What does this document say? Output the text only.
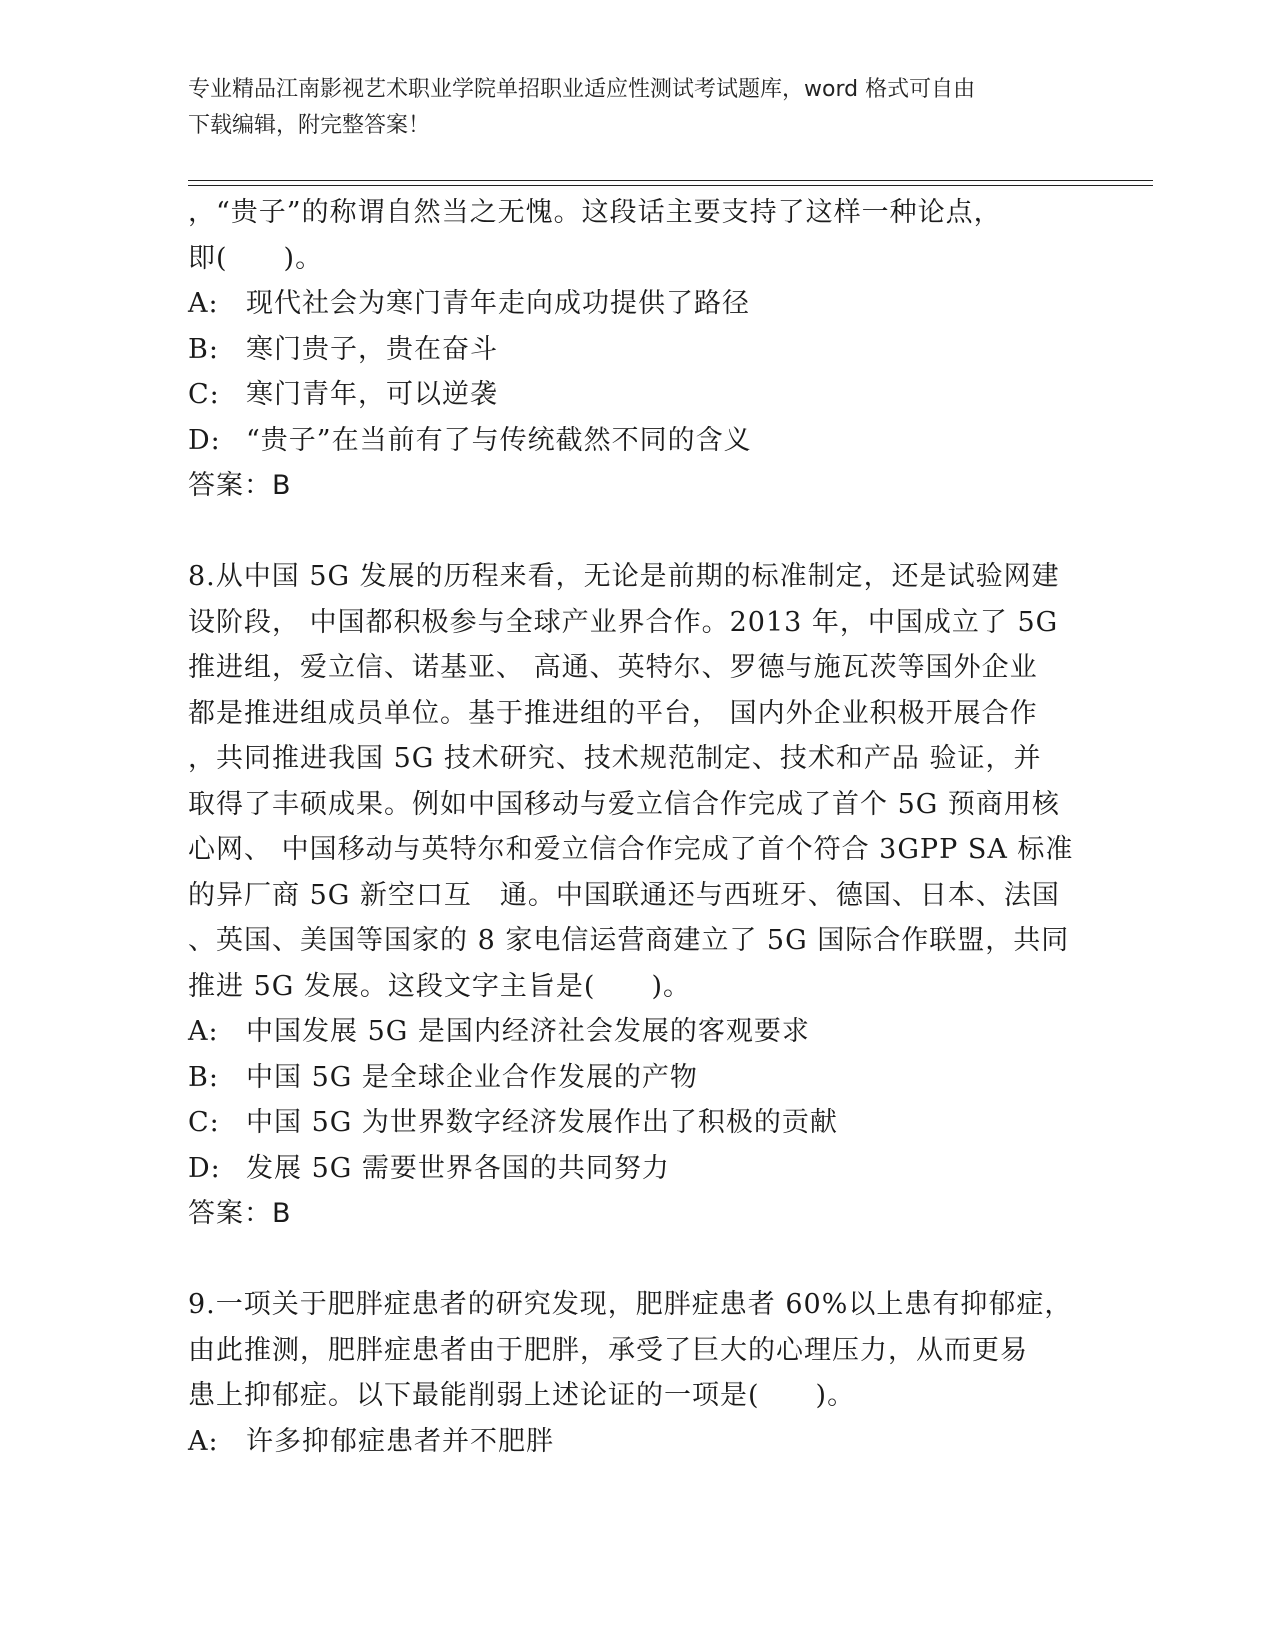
专业精品江南影视艺术职业学院单招职业适应性测试考试题库，word 格式可自由
下载编辑，附完整答案！
，“贵子”的称谓自然当之无愧。这段话主要支持了这样一种论点，
即(　　)。
A: 现代社会为寒门青年走向成功提供了路径
B: 寒门贵子，贵在奋斗
C: 寒门青年，可以逆袭
D: “贵子”在当前有了与传统截然不同的含义
答案：B
8.从中国 5G 发展的历程来看，无论是前期的标准制定，还是试验网建
设阶段， 中国都积极参与全球产业界合作。2013 年，中国成立了 5G
推进组，爱立信、诺基亚、 高通、英特尔、罗德与施瓦茨等国外企业
都是推进组成员单位。基于推进组的平台， 国内外企业积极开展合作
，共同推进我国 5G 技术研究、技术规范制定、技术和产品 验证，并
取得了丰硕成果。例如中国移动与爱立信合作完成了首个 5G 预商用核
心网、 中国移动与英特尔和爱立信合作完成了首个符合 3GPP SA 标准
的异厂商 5G 新空口互　通。中国联通还与西班牙、德国、日本、法国
、英国、美国等国家的 8 家电信运营商建立了 5G 国际合作联盟，共同
推进 5G 发展。这段文字主旨是(　　)。
A: 中国发展 5G 是国内经济社会发展的客观要求
B: 中国 5G 是全球企业合作发展的产物
C: 中国 5G 为世界数字经济发展作出了积极的贡献
D: 发展 5G 需要世界各国的共同努力
答案：B
9.一项关于肥胖症患者的研究发现，肥胖症患者 60%以上患有抑郁症，
由此推测，肥胖症患者由于肥胖，承受了巨大的心理压力，从而更易
患上抑郁症。以下最能削弱上述论证的一项是(　　)。
A: 许多抑郁症患者并不肥胖
